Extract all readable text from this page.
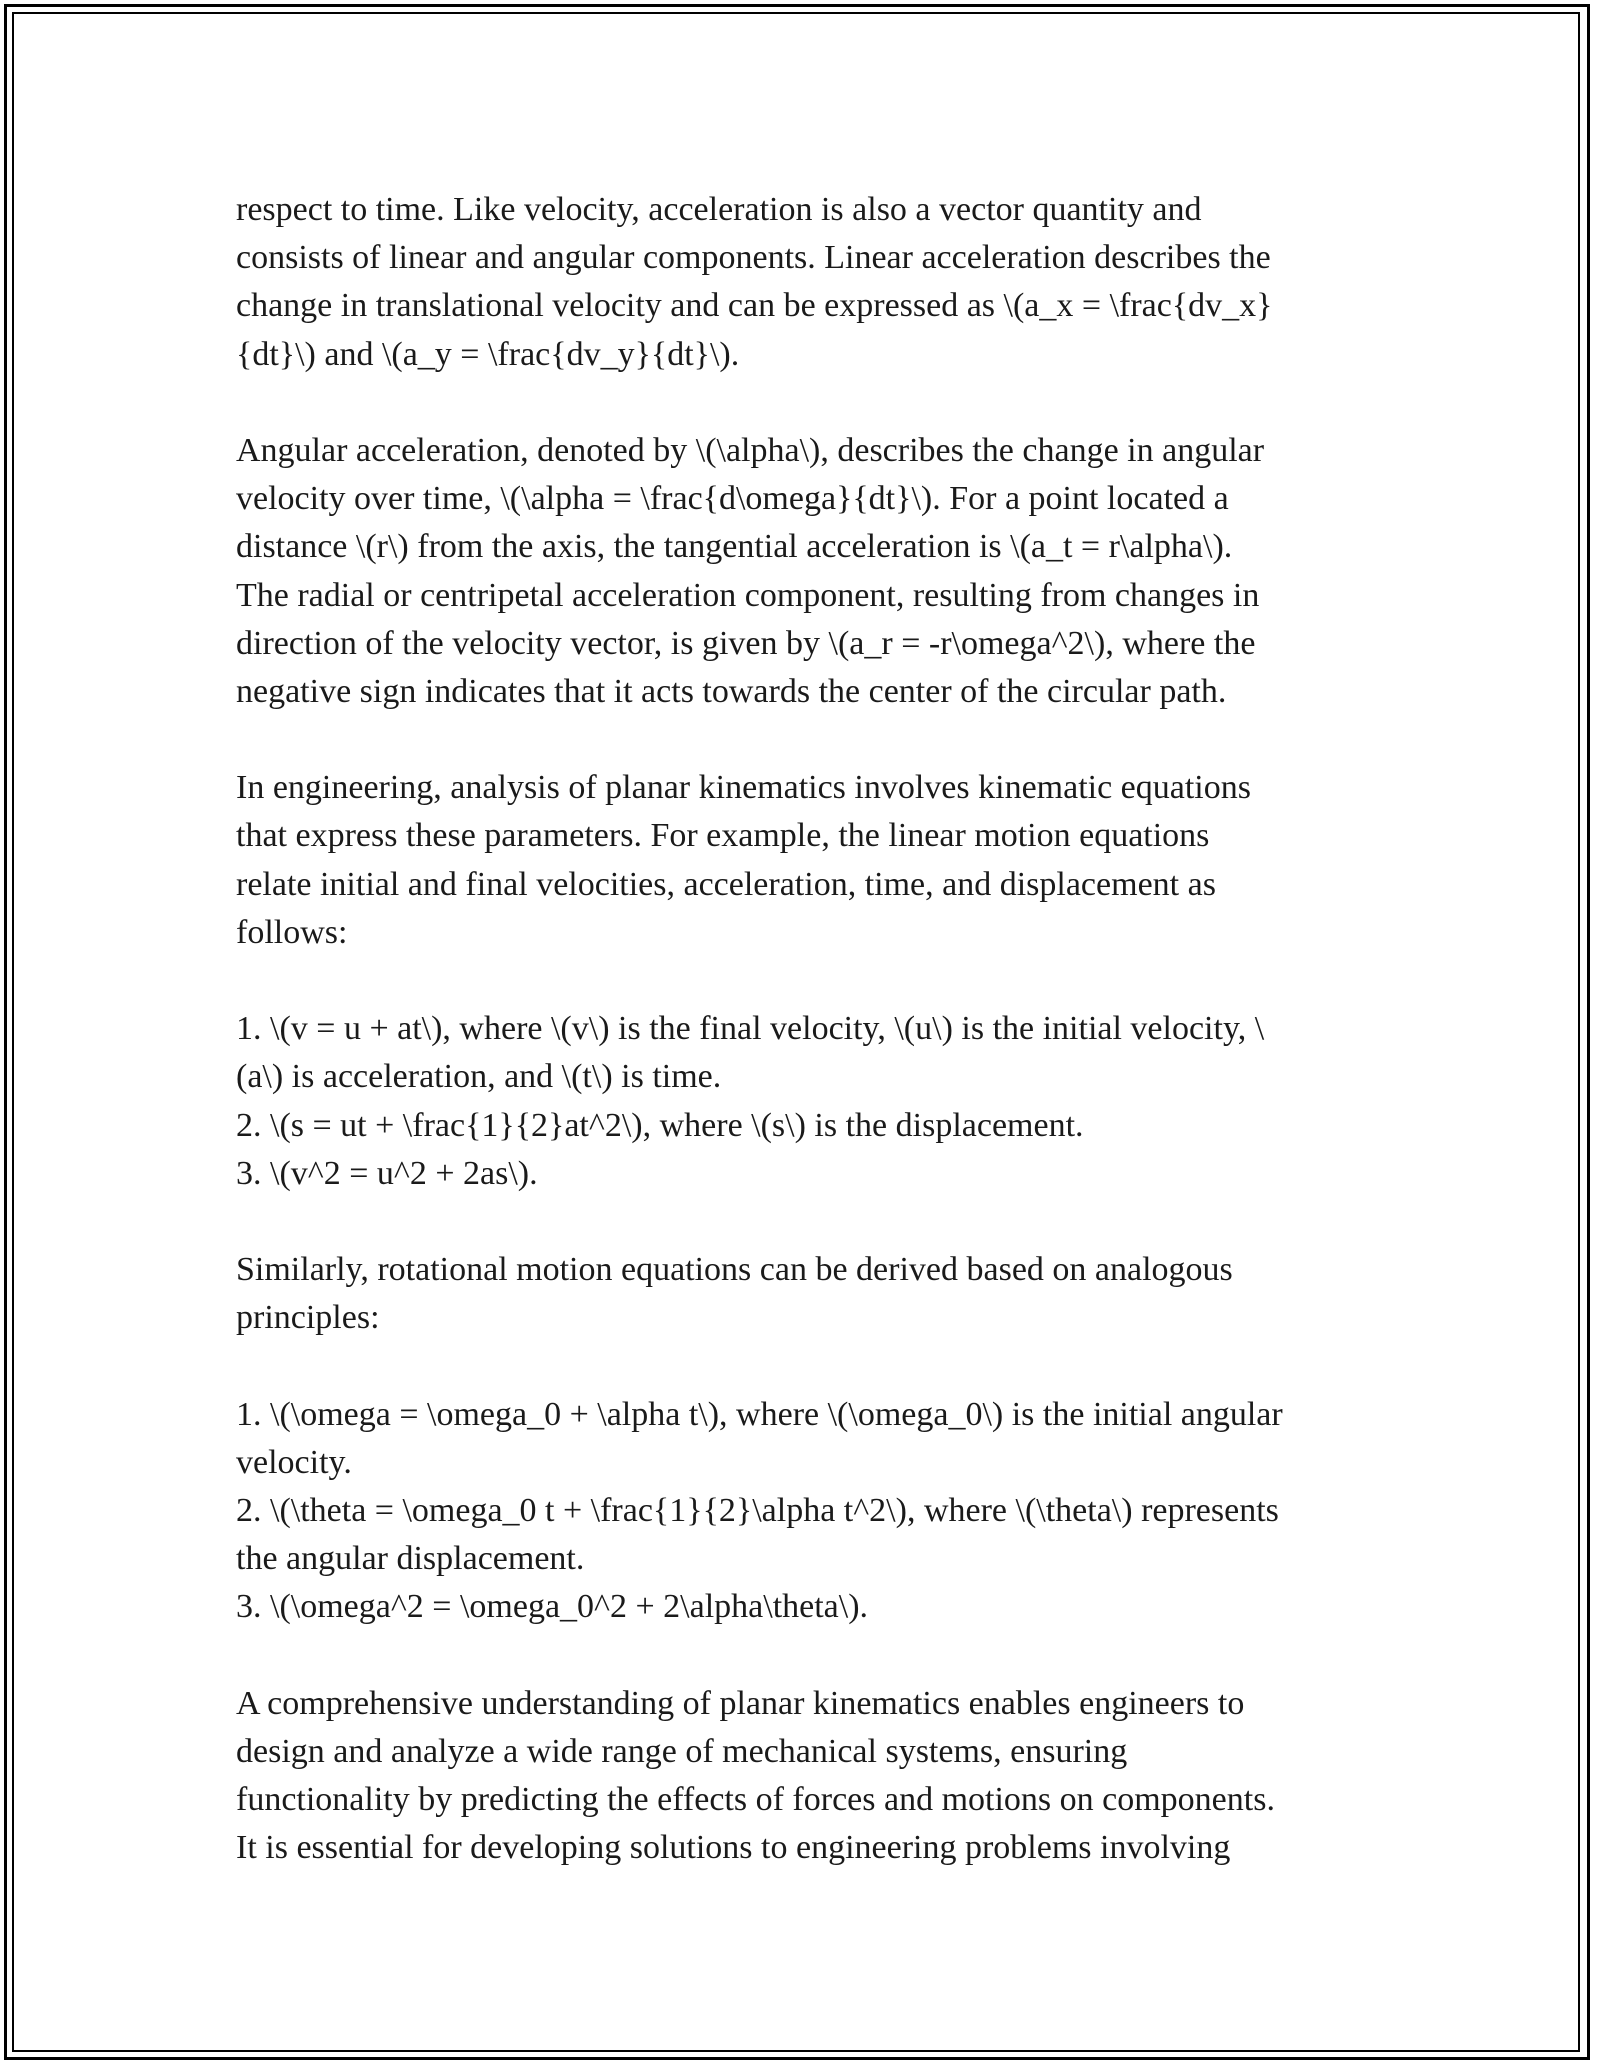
respect to time. Like velocity, acceleration is also a vector quantity and
consists of linear and angular components. Linear acceleration describes the
change in translational velocity and can be expressed as \(a_x = \frac{dv_x}
{dt}\) and \(a_y = \frac{dv_y}{dt}\).
Angular acceleration, denoted by \(\alpha\), describes the change in angular
velocity over time, \(\alpha = \frac{d\omega}{dt}\). For a point located a
distance \(r\) from the axis, the tangential acceleration is \(a_t = r\alpha\).
The radial or centripetal acceleration component, resulting from changes in
direction of the velocity vector, is given by \(a_r = -r\omega^2\), where the
negative sign indicates that it acts towards the center of the circular path.
In engineering, analysis of planar kinematics involves kinematic equations
that express these parameters. For example, the linear motion equations
relate initial and final velocities, acceleration, time, and displacement as
follows:
1. \(v = u + at\), where \(v\) is the final velocity, \(u\) is the initial velocity, \
(a\) is acceleration, and \(t\) is time.
2. \(s = ut + \frac{1}{2}at^2\), where \(s\) is the displacement.
3. \(v^2 = u^2 + 2as\).
Similarly, rotational motion equations can be derived based on analogous
principles:
1. \(\omega = \omega_0 + \alpha t\), where \(\omega_0\) is the initial angular
velocity.
2. \(\theta = \omega_0 t + \frac{1}{2}\alpha t^2\), where \(\theta\) represents
the angular displacement.
3. \(\omega^2 = \omega_0^2 + 2\alpha\theta\).
A comprehensive understanding of planar kinematics enables engineers to
design and analyze a wide range of mechanical systems, ensuring
functionality by predicting the effects of forces and motions on components.
It is essential for developing solutions to engineering problems involving
